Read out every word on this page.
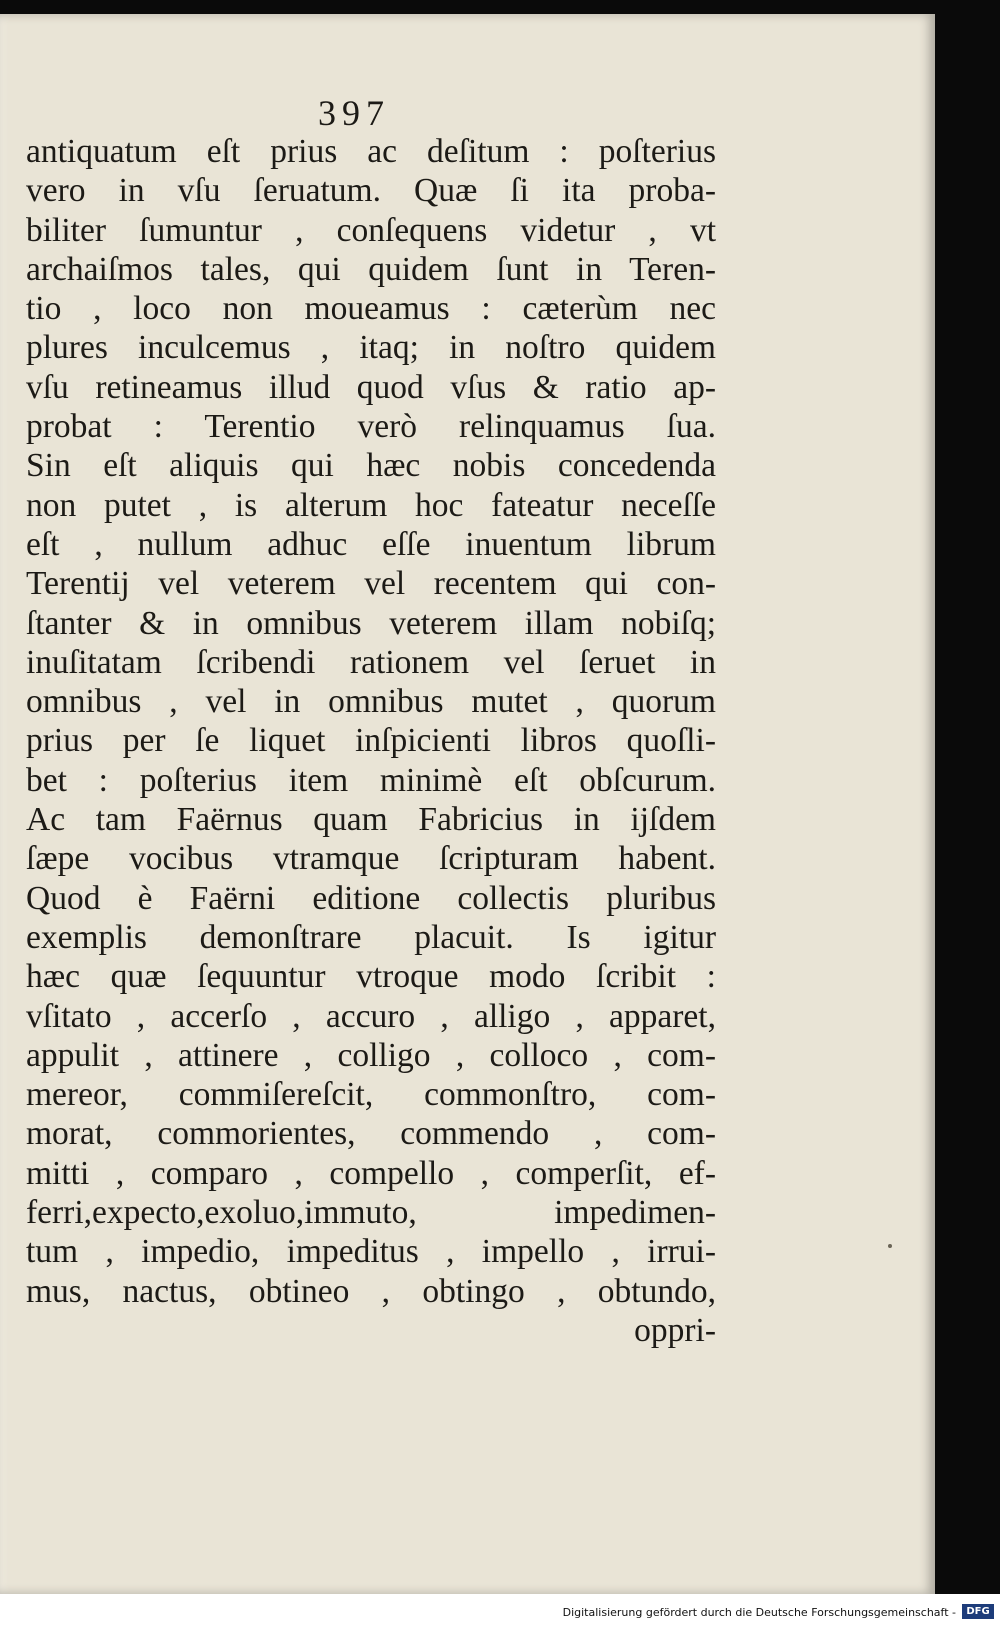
397
antiquatum eſt prius ac deſitum : poſterius
vero in vſu ſeruatum. Quæ ſi ita proba-
biliter ſumuntur , conſequens videtur , vt
archaiſmos tales, qui quidem ſunt in Teren-
tio , loco non moueamus : cæterùm nec
plures inculcemus , itaq; in noſtro quidem
vſu retineamus illud quod vſus & ratio ap-
probat : Terentio verò relinquamus ſua.
Sin eſt aliquis qui hæc nobis concedenda
non putet , is alterum hoc fateatur neceſſe
eſt , nullum adhuc eſſe inuentum librum
Terentij vel veterem vel recentem qui con-
ſtanter & in omnibus veterem illam nobiſq;
inuſitatam ſcribendi rationem vel ſeruet in
omnibus , vel in omnibus mutet , quorum
prius per ſe liquet inſpicienti libros quoſli-
bet : poſterius item minimè eſt obſcurum.
Ac tam Faërnus quam Fabricius in ijſdem
ſæpe vocibus vtramque ſcripturam habent.
Quod è Faërni editione collectis pluribus
exemplis demonſtrare placuit. Is igitur
hæc quæ ſequuntur vtroque modo ſcribit :
vſitato , accerſo , accuro , alligo , apparet,
appulit , attinere , colligo , colloco , com-
mereor, commiſereſcit, commonſtro, com-
morat, commorientes, commendo , com-
mitti , comparo , compello , comperſit, ef-
ferri,expecto,exoluo,immuto, impedimen-
tum , impedio, impeditus , impello , irrui-
mus, nactus, obtineo , obtingo , obtundo,
oppri-
Digitalisierung gefördert durch die Deutsche Forschungsgemeinschaft -	DFG
